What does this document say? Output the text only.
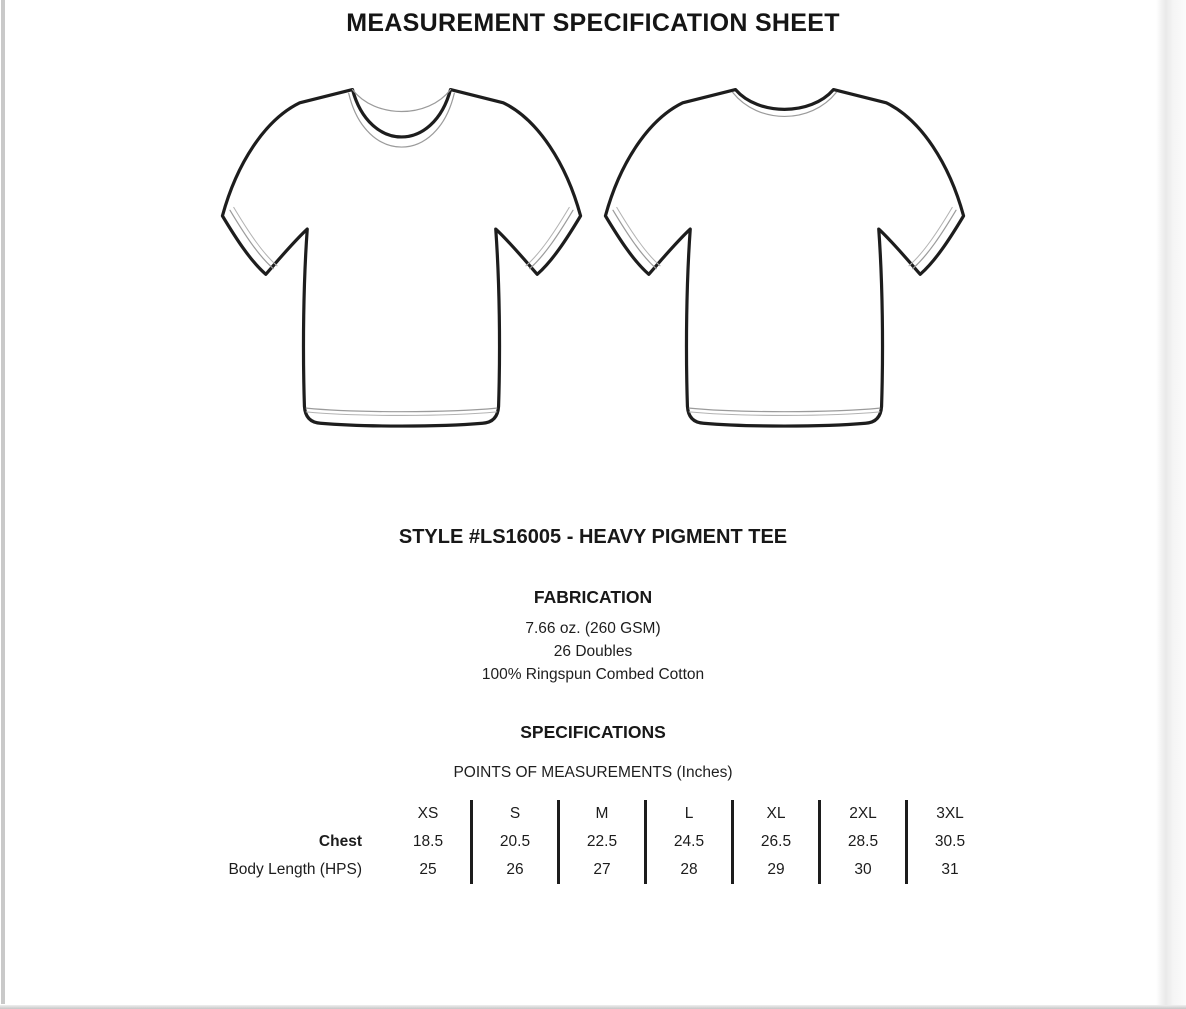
MEASUREMENT SPECIFICATION SHEET
STYLE #LS16005 - HEAVY PIGMENT TEE
FABRICATION
7.66 oz. (260 GSM)
26 Doubles
100% Ringspun Combed Cotton
SPECIFICATIONS
POINTS OF MEASUREMENTS (Inches)
	XS	S	M	L	XL	2XL	3XL
Chest	18.5	20.5	22.5	24.5	26.5	28.5	30.5
Body Length (HPS)	25	26	27	28	29	30	31
